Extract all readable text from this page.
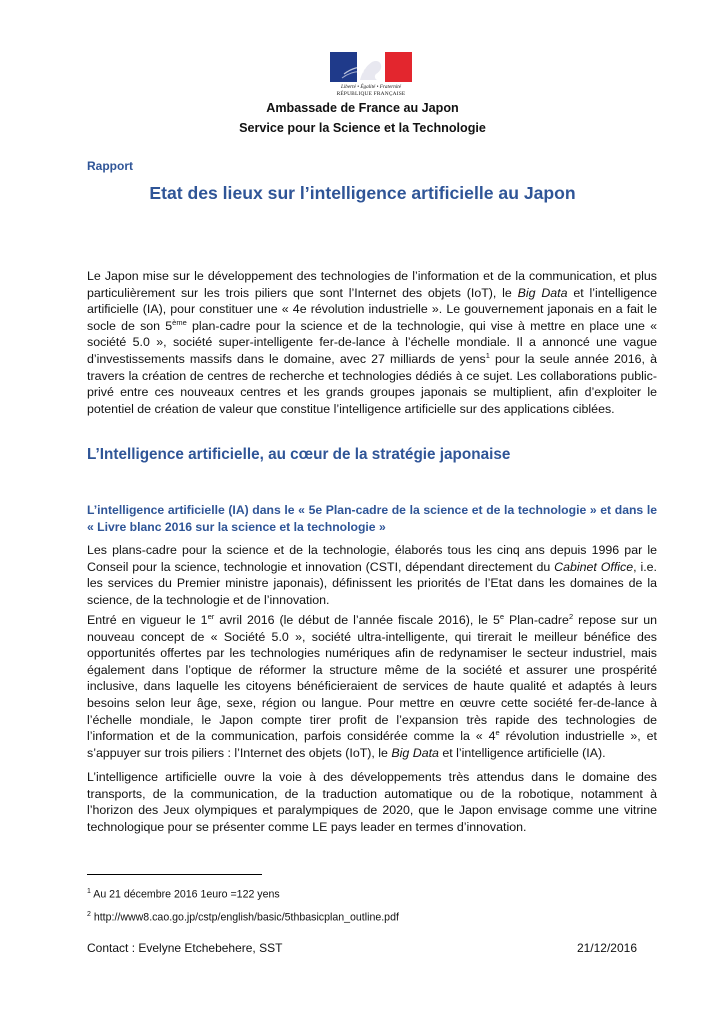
Liberté • Égalité • Fraternité
RÉPUBLIQUE FRANÇAISE
Ambassade de France au Japon
Service pour la Science et la Technologie
Rapport
Etat des lieux sur l’intelligence artificielle au Japon

Le Japon mise sur le développement des technologies de l’information et de la communication, et plus particulièrement sur les trois piliers que sont l’Internet des objets (IoT), le Big Data et l’intelligence artificielle (IA), pour constituer une « 4e révolution industrielle ». Le gouvernement japonais en a fait le socle de son 5ème plan-cadre pour la science et de la technologie, qui vise à mettre en place une « société 5.0 », société super-intelligente fer-de-lance à l’échelle mondiale. Il a annoncé une vague d’investissements massifs dans le domaine, avec 27 milliards de yens$^1$ pour la seule année 2016, à travers la création de centres de recherche et technologies dédiés à ce sujet. Les collaborations public-privé entre ces nouveaux centres et les grands groupes japonais se multiplient, afin d’exploiter le potentiel de création de valeur que constitue l’intelligence artificielle sur des applications ciblées.

L’Intelligence artificielle, au cœur de la stratégie japonaise

L’intelligence artificielle (IA) dans le « 5e Plan-cadre de la science et de la technologie » et dans le « Livre blanc 2016 sur la science et la technologie »

Les plans-cadre pour la science et de la technologie, élaborés tous les cinq ans depuis 1996 par le Conseil pour la science, technologie et innovation (CSTI, dépendant directement du Cabinet Office, i.e. les services du Premier ministre japonais), définissent les priorités de l’Etat dans les domaines de la science, de la technologie et de l’innovation.

Entré en vigueur le 1er avril 2016 (le début de l’année fiscale 2016), le 5e Plan-cadre$^2$ repose sur un nouveau concept de « Société 5.0 », société ultra-intelligente, qui tirerait le meilleur bénéfice des opportunités offertes par les technologies numériques afin de redynamiser le secteur industriel, mais également dans l’optique de réformer la structure même de la société et assurer une prospérité inclusive, dans laquelle les citoyens bénéficieraient de services de haute qualité et adaptés à leurs besoins selon leur âge, sexe, région ou langue. Pour mettre en œuvre cette société fer-de-lance à l’échelle mondiale, le Japon compte tirer profit de l’expansion très rapide des technologies de l’information et de la communication, parfois considérée comme la « 4e révolution industrielle », et s’appuyer sur trois piliers : l’Internet des objets (IoT), le Big Data et l’intelligence artificielle (IA).

L’intelligence artificielle ouvre la voie à des développements très attendus dans le domaine des transports, de la communication, de la traduction automatique ou de la robotique, notamment à l’horizon des Jeux olympiques et paralympiques de 2020, que le Japon envisage comme une vitrine technologique pour se présenter comme LE pays leader en termes d’innovation.

$^1$ Au 21 décembre 2016 1euro =122 yens
$^2$ http://www8.cao.go.jp/cstp/english/basic/5thbasicplan_outline.pdf
Contact : Evelyne Etchebehere, SST	21/12/2016
